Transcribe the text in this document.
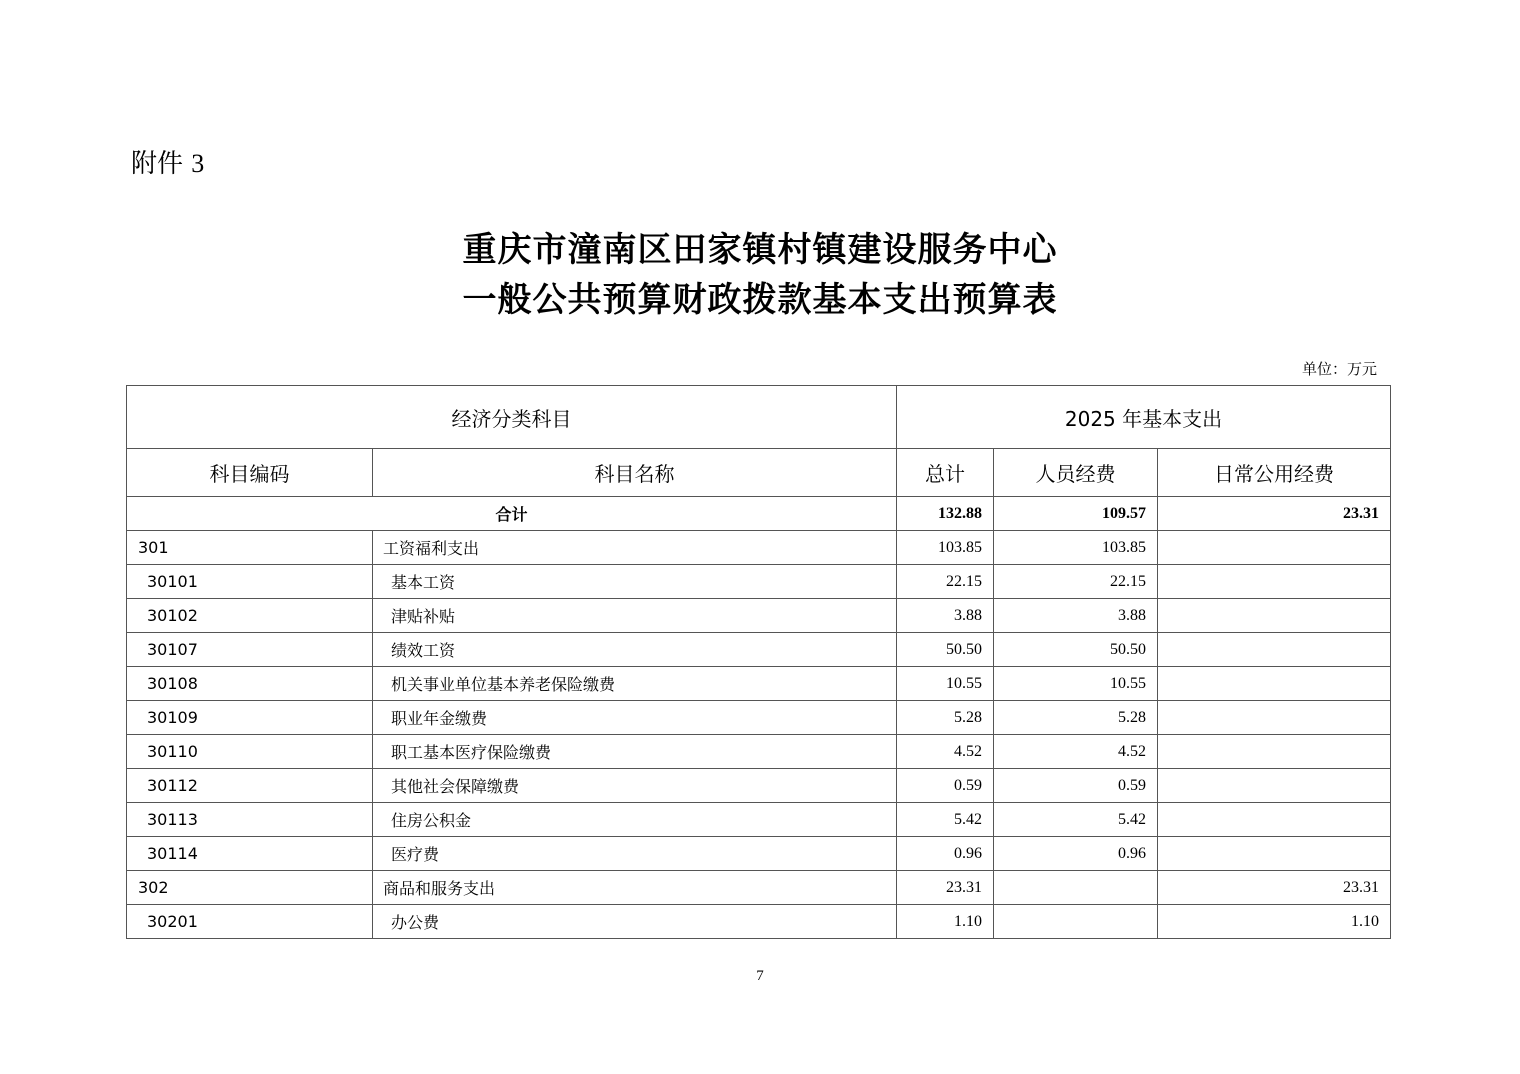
附件 3
重庆市潼南区田家镇村镇建设服务中心
一般公共预算财政拨款基本支出预算表
单位：万元
经济分类科目		2025 年基本支出		
科目编码	科目名称	总计	人员经费	日常公用经费
合计		132.88	109.57	23.31
301	工资福利支出	103.85	103.85	
30101	基本工资	22.15	22.15	
30102	津贴补贴	3.88	3.88	
30107	绩效工资	50.50	50.50	
30108	机关事业单位基本养老保险缴费	10.55	10.55	
30109	职业年金缴费	5.28	5.28	
30110	职工基本医疗保险缴费	4.52	4.52	
30112	其他社会保障缴费	0.59	0.59	
30113	住房公积金	5.42	5.42	
30114	医疗费	0.96	0.96	
302	商品和服务支出	23.31		23.31
30201	办公费	1.10		1.10
7
